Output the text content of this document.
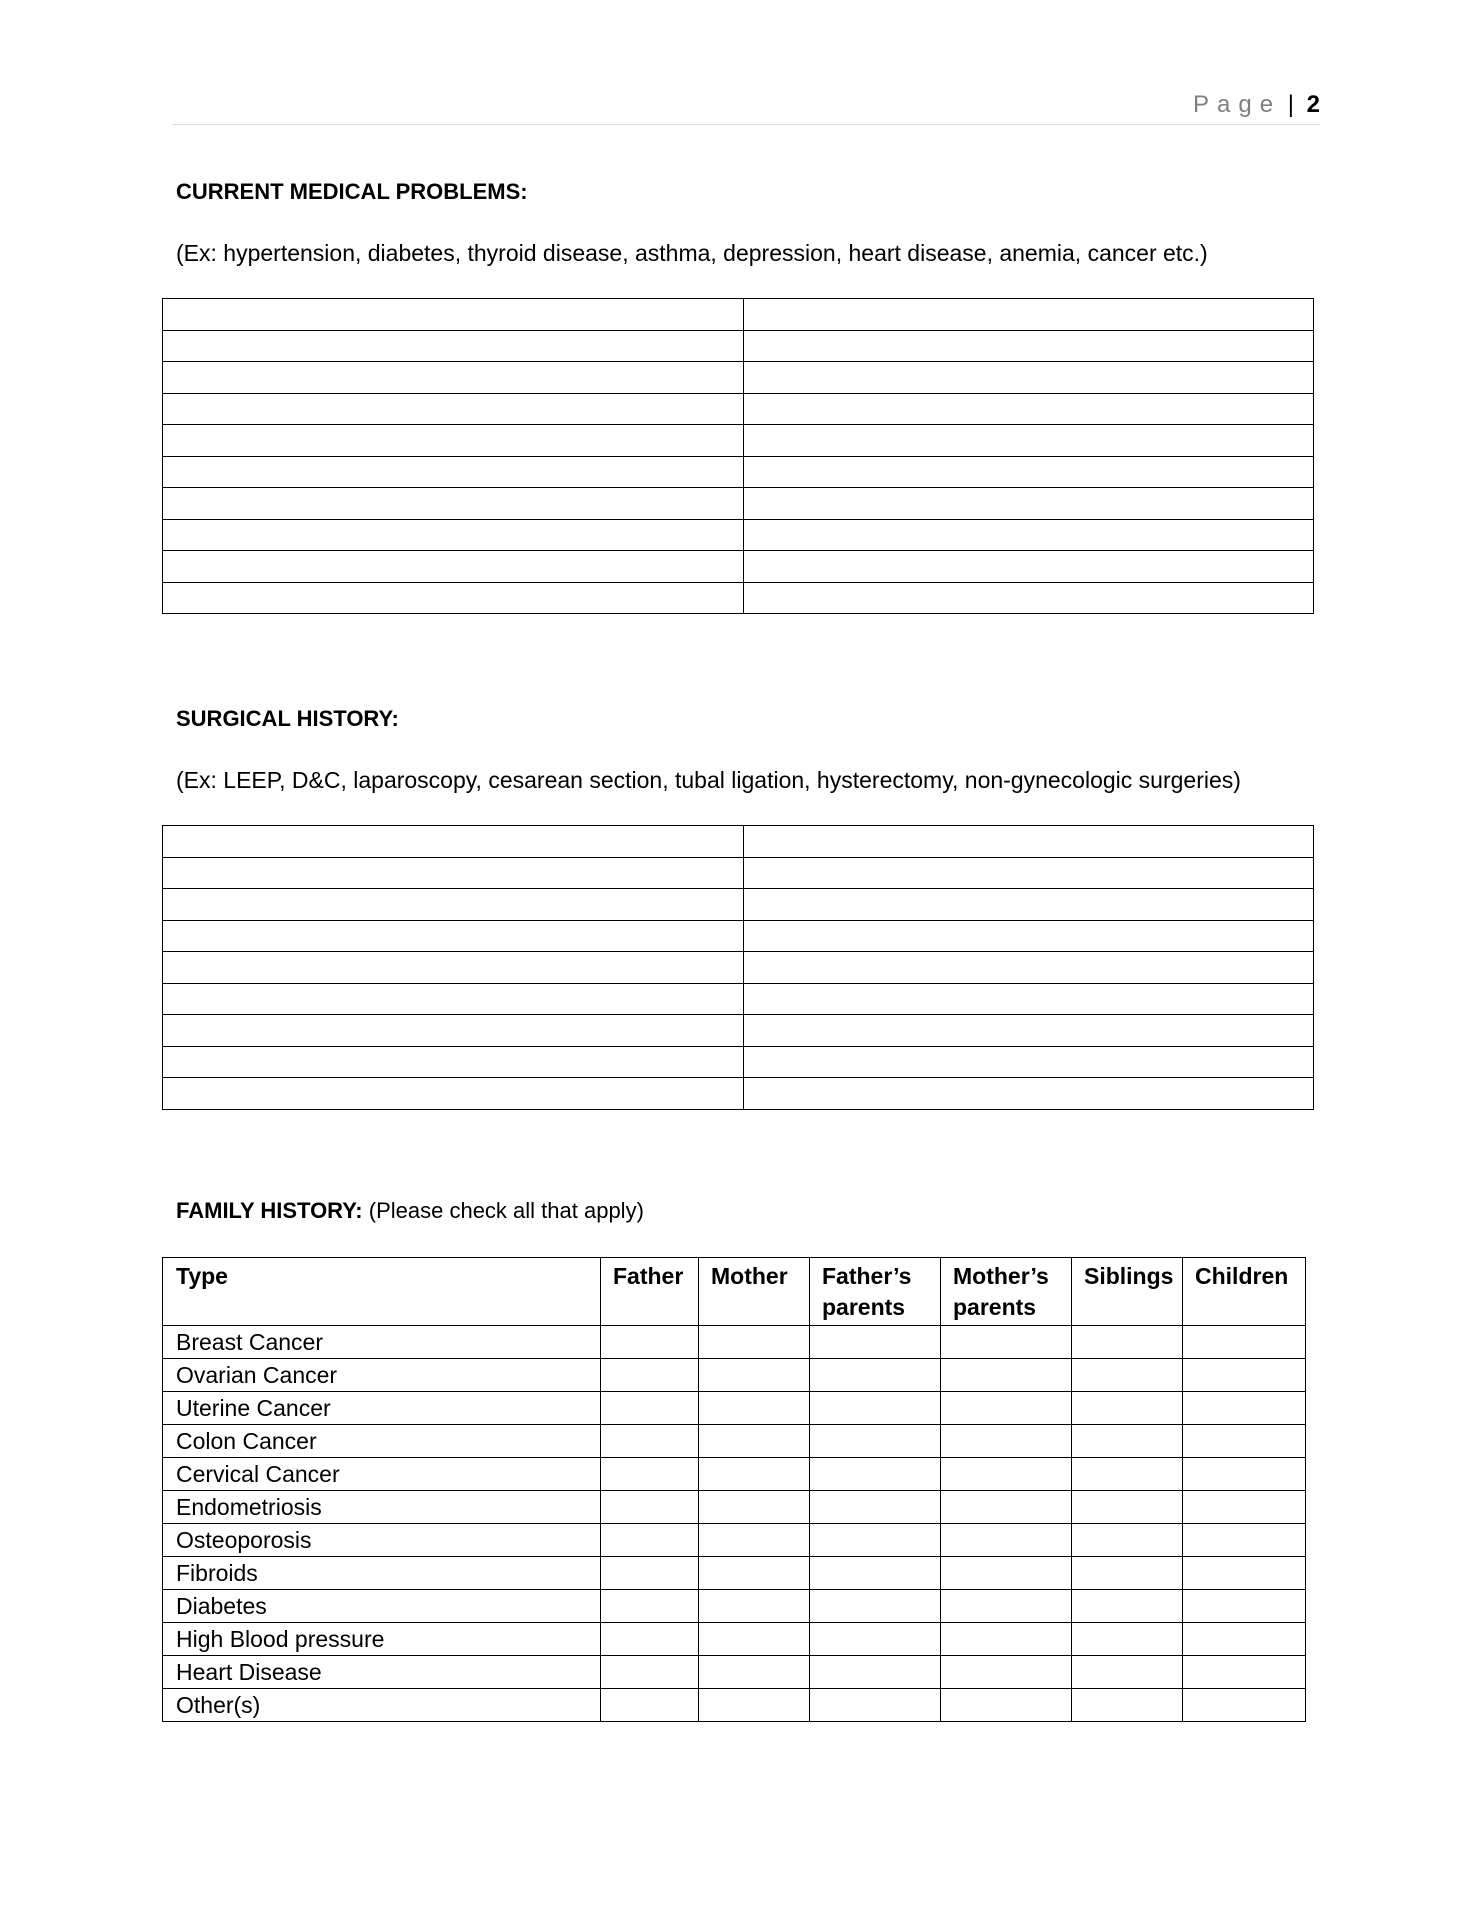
Page | 2
CURRENT MEDICAL PROBLEMS:
(Ex: hypertension, diabetes, thyroid disease, asthma, depression, heart disease, anemia, cancer etc.)

SURGICAL HISTORY:
(Ex: LEEP, D&C, laparoscopy, cesarean section, tubal ligation, hysterectomy, non-gynecologic surgeries)

FAMILY HISTORY: (Please check all that apply)
Type	Father	Mother	Father’s parents	Mother’s parents	Siblings	Children
Breast Cancer						
Ovarian Cancer						
Uterine Cancer						
Colon Cancer						
Cervical Cancer						
Endometriosis						
Osteoporosis						
Fibroids						
Diabetes						
High Blood pressure						
Heart Disease						
Other(s)						
